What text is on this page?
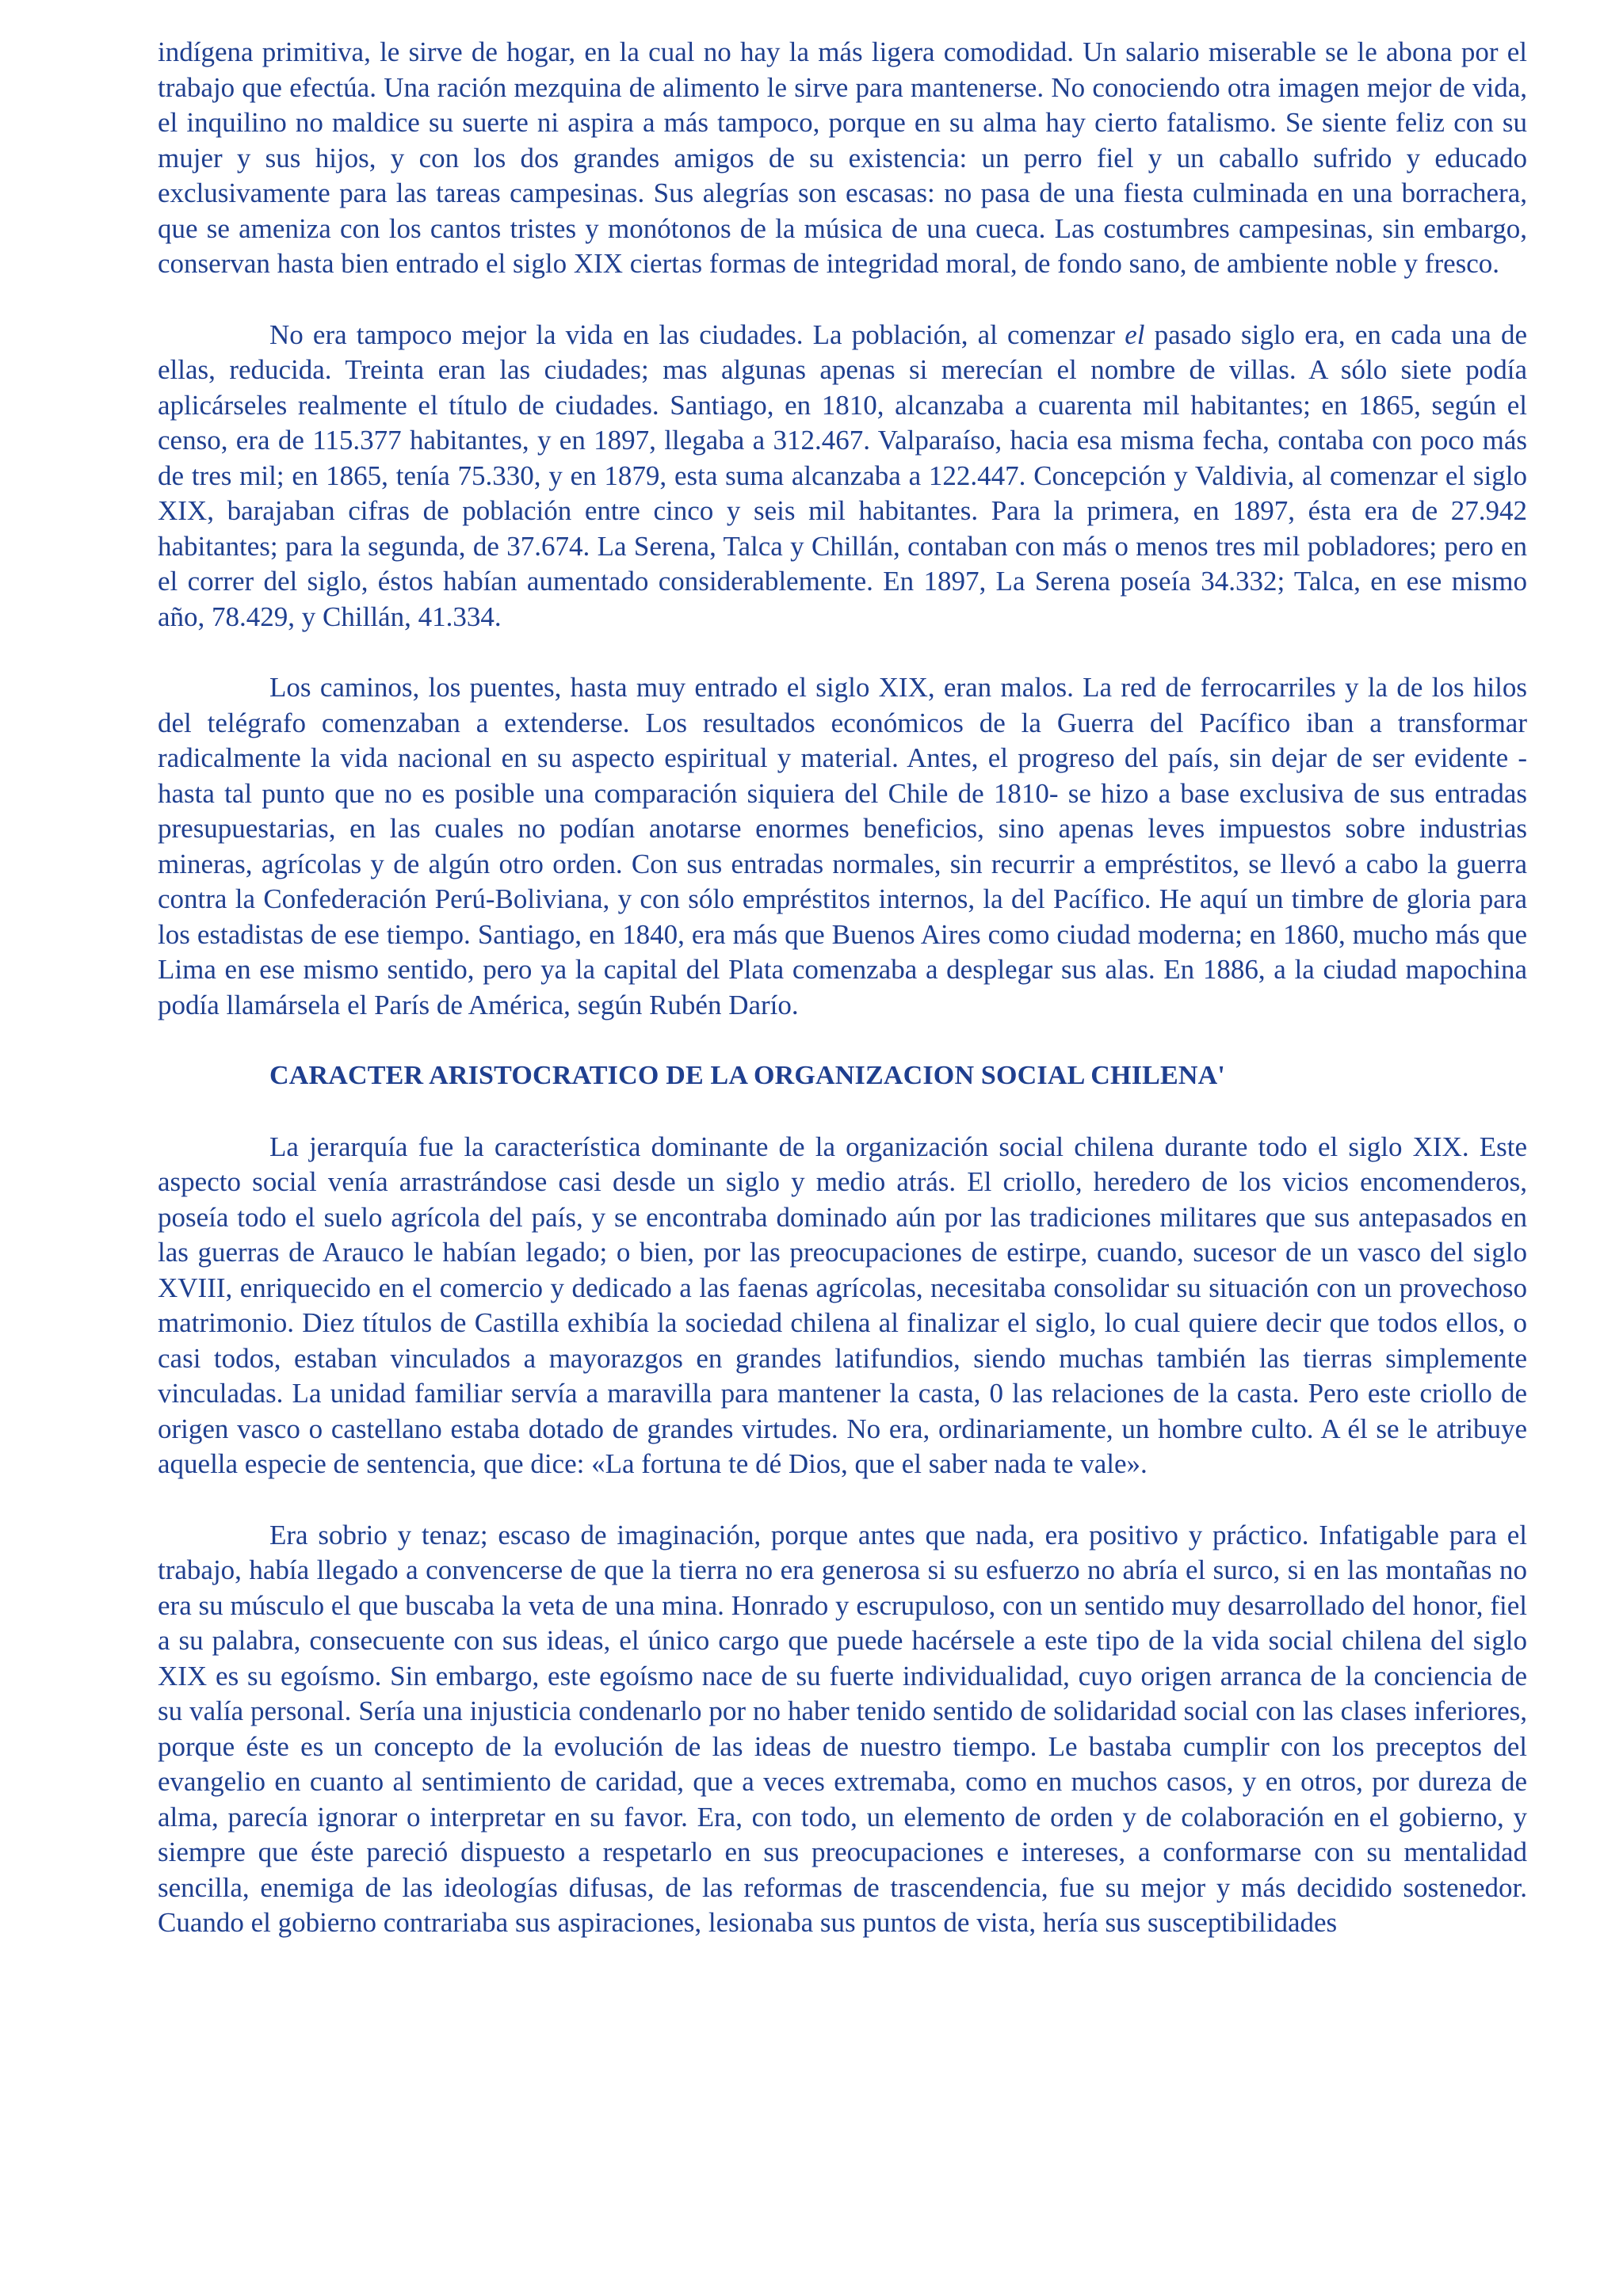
indígena primitiva, le sirve de hogar, en la cual no hay la más ligera comodidad. Un salario miserable se le abona por el trabajo que efectúa. Una ración mezquina de alimento le sirve para mantenerse. No conociendo otra imagen mejor de vida, el inquilino no maldice su suerte ni aspira a más tampoco, porque en su alma hay cierto fatalismo. Se siente feliz con su mujer y sus hijos, y con los dos grandes amigos de su existencia: un perro fiel y un caballo sufrido y educado exclusivamente para las tareas campesinas. Sus alegrías son escasas: no pasa de una fiesta culminada en una borrachera, que se ameniza con los cantos tristes y monótonos de la música de una cueca. Las costumbres campesinas, sin embargo, conservan hasta bien entrado el siglo XIX ciertas formas de integridad moral, de fondo sano, de ambiente noble y fresco.

No era tampoco mejor la vida en las ciudades. La población, al comenzar el pasado siglo era, en cada una de ellas, reducida. Treinta eran las ciudades; mas algunas apenas si merecían el nombre de villas. A sólo siete podía aplicárseles realmente el título de ciudades. Santiago, en 1810, alcanzaba a cuarenta mil habitantes; en 1865, según el censo, era de 115.377 habitantes, y en 1897, llegaba a 312.467. Valparaíso, hacia esa misma fecha, contaba con poco más de tres mil; en 1865, tenía 75.330, y en 1879, esta suma alcanzaba a 122.447. Concepción y Valdivia, al comenzar el siglo XIX, barajaban cifras de población entre cinco y seis mil habitantes. Para la primera, en 1897, ésta era de 27.942 habitantes; para la segunda, de 37.674. La Serena, Talca y Chillán, contaban con más o menos tres mil pobladores; pero en el correr del siglo, éstos habían aumentado considerablemente. En 1897, La Serena poseía 34.332; Talca, en ese mismo año, 78.429, y Chillán, 41.334.

Los caminos, los puentes, hasta muy entrado el siglo XIX, eran malos. La red de ferrocarriles y la de los hilos del telégrafo comenzaban a extenderse. Los resultados económicos de la Guerra del Pacífico iban a transformar radicalmente la vida nacional en su aspecto espiritual y material. Antes, el progreso del país, sin dejar de ser evidente -hasta tal punto que no es posible una comparación siquiera del Chile de 1810- se hizo a base exclusiva de sus entradas presupuestarias, en las cuales no podían anotarse enormes beneficios, sino apenas leves impuestos sobre industrias mineras, agrícolas y de algún otro orden. Con sus entradas normales, sin recurrir a empréstitos, se llevó a cabo la guerra contra la Confederación Perú-Boliviana, y con sólo empréstitos internos, la del Pacífico. He aquí un timbre de gloria para los estadistas de ese tiempo. Santiago, en 1840, era más que Buenos Aires como ciudad moderna; en 1860, mucho más que Lima en ese mismo sentido, pero ya la capital del Plata comenzaba a desplegar sus alas. En 1886, a la ciudad mapochina podía llamársela el París de América, según Rubén Darío.

CARACTER ARISTOCRATICO DE LA ORGANIZACION SOCIAL CHILENA'

La jerarquía fue la característica dominante de la organización social chilena durante todo el siglo XIX. Este aspecto social venía arrastrándose casi desde un siglo y medio atrás. El criollo, heredero de los vicios encomenderos, poseía todo el suelo agrícola del país, y se encontraba dominado aún por las tradiciones militares que sus antepasados en las guerras de Arauco le habían legado; o bien, por las preocupaciones de estirpe, cuando, sucesor de un vasco del siglo XVIII, enriquecido en el comercio y dedicado a las faenas agrícolas, necesitaba consolidar su situación con un provechoso matrimonio. Diez títulos de Castilla exhibía la sociedad chilena al finalizar el siglo, lo cual quiere decir que todos ellos, o casi todos, estaban vinculados a mayorazgos en grandes latifundios, siendo muchas también las tierras simplemente vinculadas. La unidad familiar servía a maravilla para mantener la casta, 0 las relaciones de la casta. Pero este criollo de origen vasco o castellano estaba dotado de grandes virtudes. No era, ordinariamente, un hombre culto. A él se le atribuye aquella especie de sentencia, que dice: «La fortuna te dé Dios, que el saber nada te vale».

Era sobrio y tenaz; escaso de imaginación, porque antes que nada, era positivo y práctico. Infatigable para el trabajo, había llegado a convencerse de que la tierra no era generosa si su esfuerzo no abría el surco, si en las montañas no era su músculo el que buscaba la veta de una mina. Honrado y escrupuloso, con un sentido muy desarrollado del honor, fiel a su palabra, consecuente con sus ideas, el único cargo que puede hacérsele a este tipo de la vida social chilena del siglo XIX es su egoísmo. Sin embargo, este egoísmo nace de su fuerte individualidad, cuyo origen arranca de la conciencia de su valía personal. Sería una injusticia condenarlo por no haber tenido sentido de solidaridad social con las clases inferiores, porque éste es un concepto de la evolución de las ideas de nuestro tiempo. Le bastaba cumplir con los preceptos del evangelio en cuanto al sentimiento de caridad, que a veces extremaba, como en muchos casos, y en otros, por dureza de alma, parecía ignorar o interpretar en su favor. Era, con todo, un elemento de orden y de colaboración en el gobierno, y siempre que éste pareció dispuesto a respetarlo en sus preocupaciones e intereses, a conformarse con su mentalidad sencilla, enemiga de las ideologías difusas, de las reformas de trascendencia, fue su mejor y más decidido sostenedor. Cuando el gobierno contrariaba sus aspiraciones, lesionaba sus puntos de vista, hería sus susceptibilidades
